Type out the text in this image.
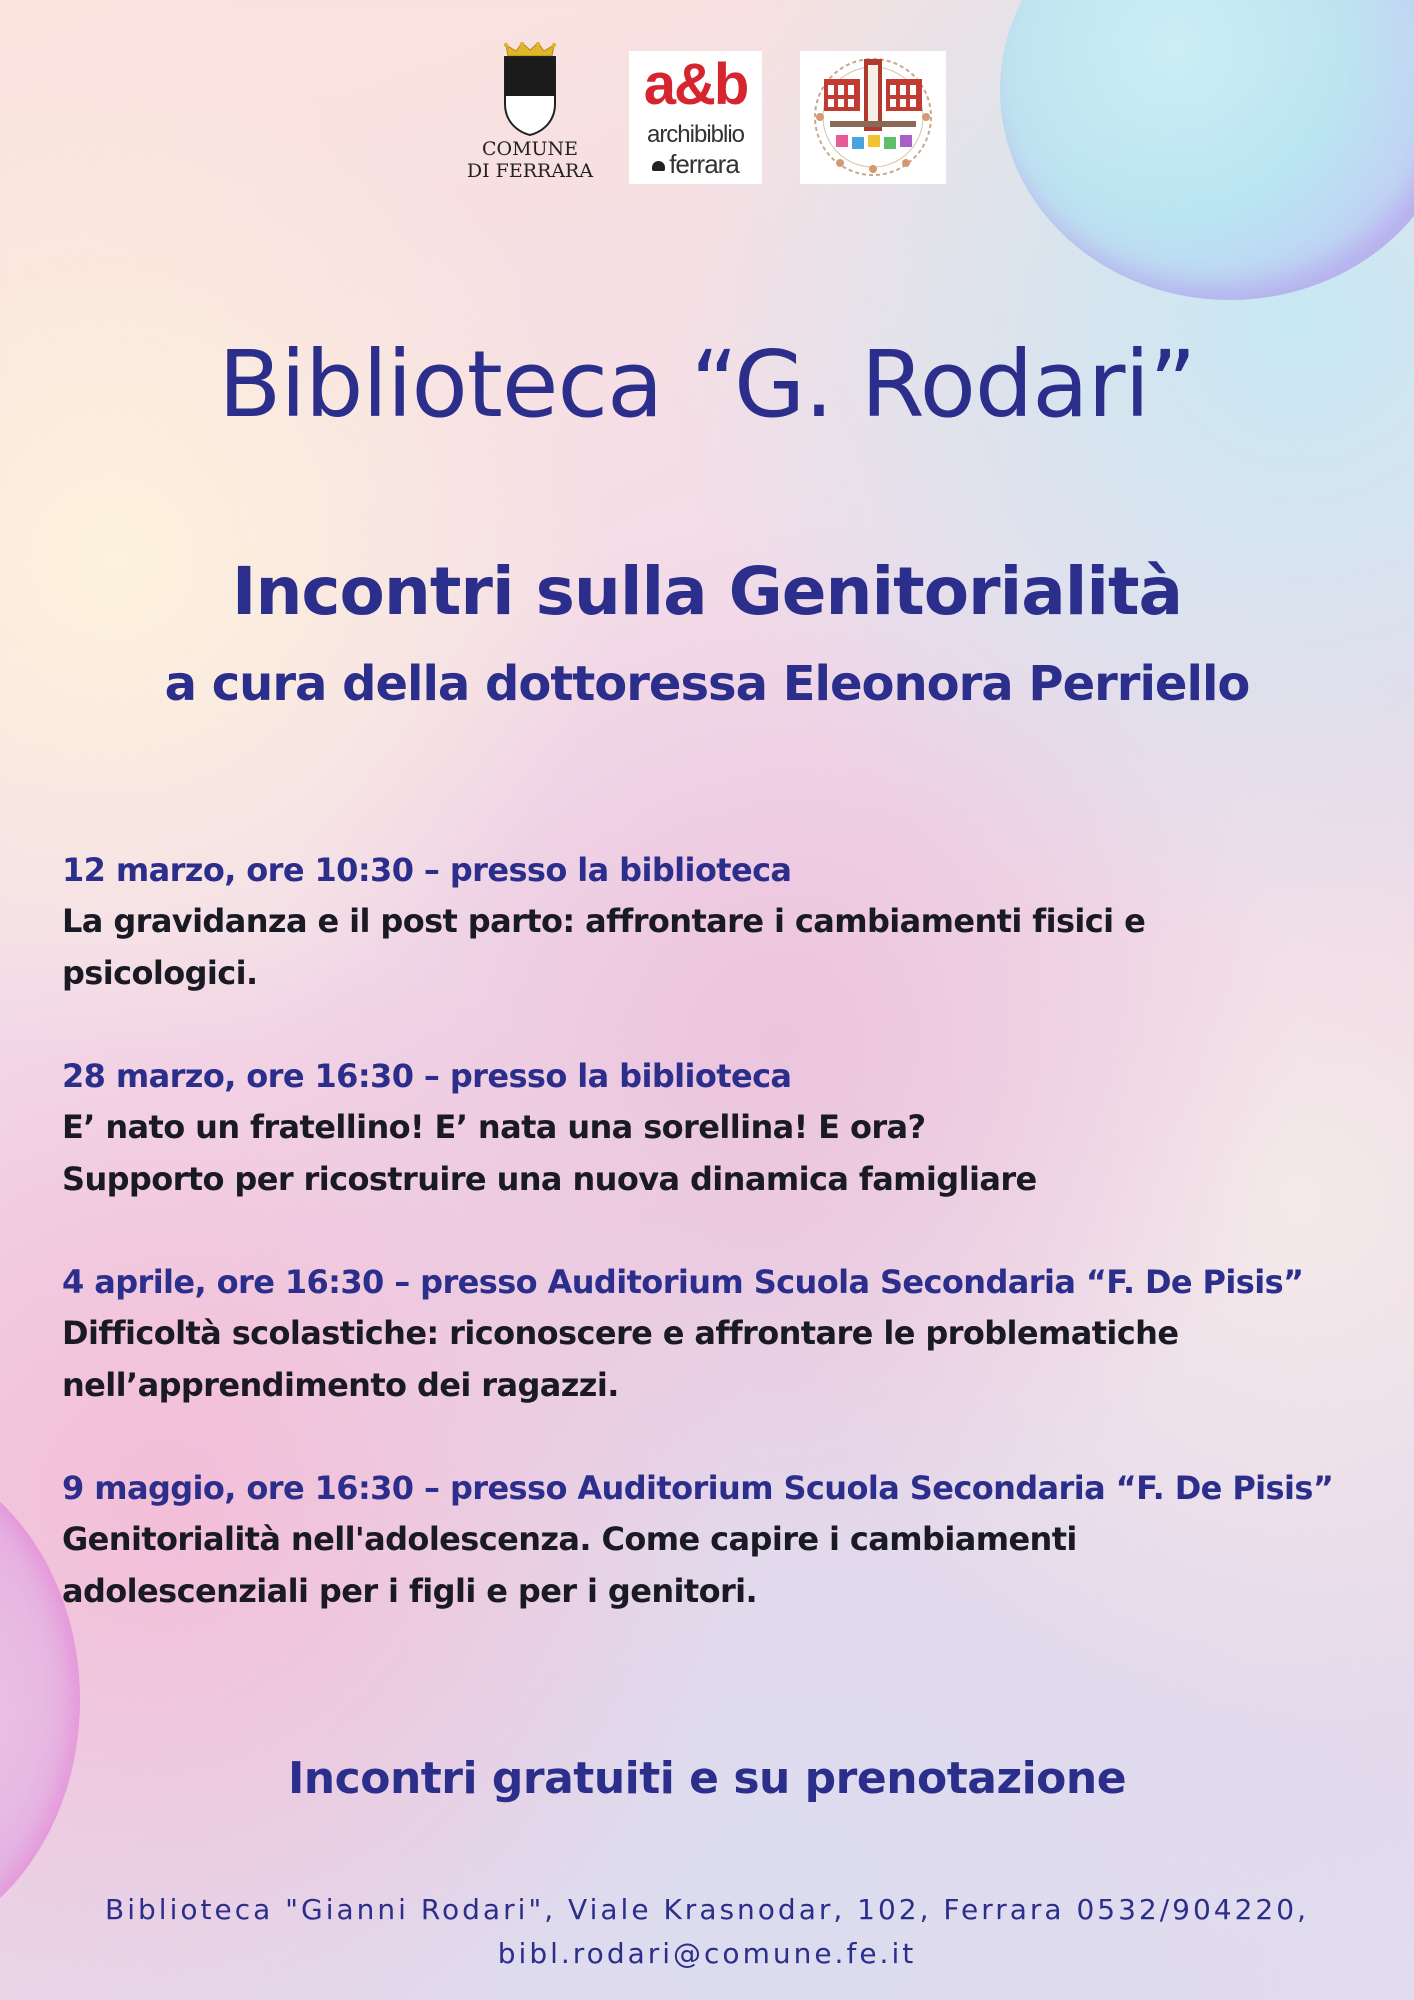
COMUNE
DI FERRARA
a&b
archibiblio
ferrara
Biblioteca “G. Rodari”
Incontri sulla Genitorialità
a cura della dottoressa Eleonora Perriello
12 marzo, ore 10:30 – presso la biblioteca
La gravidanza e il post parto: affrontare i cambiamenti fisici e
psicologici.
28 marzo, ore 16:30 – presso la biblioteca
E’ nato un fratellino! E’ nata una sorellina! E ora?
Supporto per ricostruire una nuova dinamica famigliare
4 aprile, ore 16:30 – presso Auditorium Scuola Secondaria “F. De Pisis”
Difficoltà scolastiche: riconoscere e affrontare le problematiche
nell’apprendimento dei ragazzi.
9 maggio, ore 16:30 – presso Auditorium Scuola Secondaria “F. De Pisis”
Genitorialità nell'adolescenza. Come capire i cambiamenti
adolescenziali per i figli e per i genitori.
Incontri gratuiti e su prenotazione
Biblioteca "Gianni Rodari", Viale Krasnodar, 102, Ferrara 0532/904220,
bibl.rodari@comune.fe.it
